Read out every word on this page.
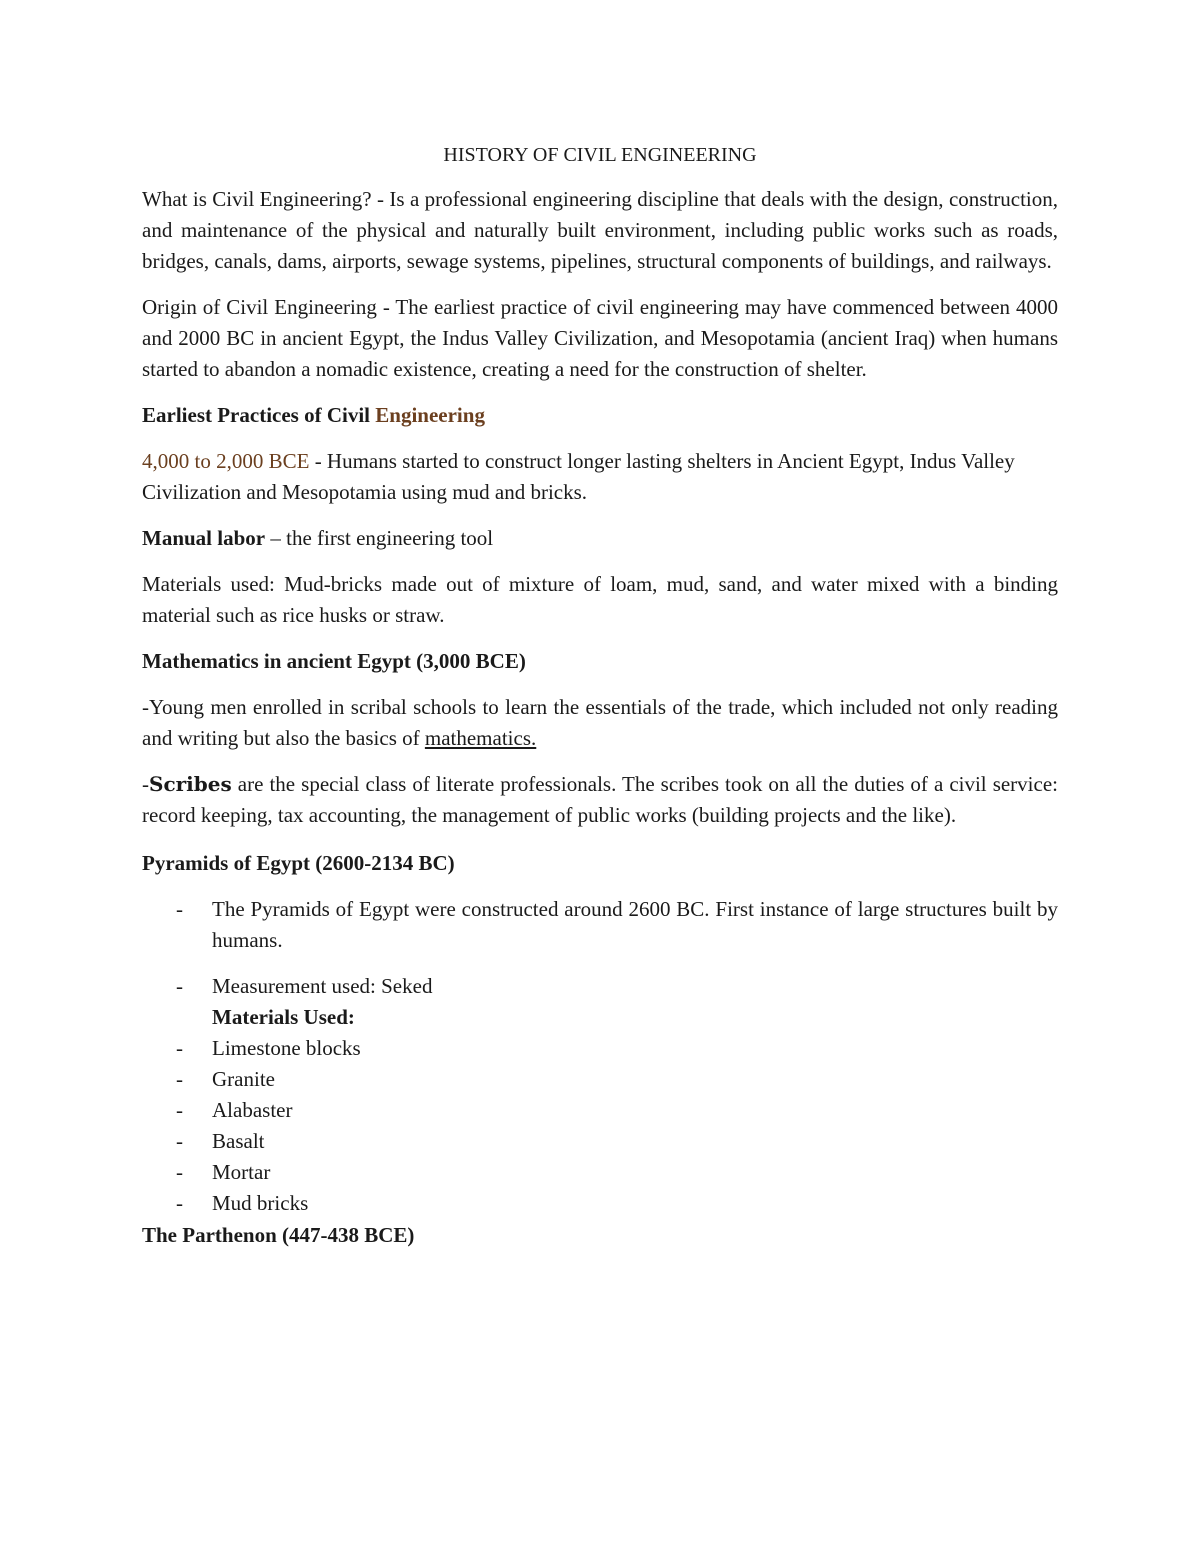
HISTORY OF CIVIL ENGINEERING

What is Civil Engineering? - Is a professional engineering discipline that deals with the design, construction, and maintenance of the physical and naturally built environment, including public works such as roads, bridges, canals, dams, airports, sewage systems, pipelines, structural components of buildings, and railways.

Origin of Civil Engineering - The earliest practice of civil engineering may have commenced between 4000 and 2000 BC in ancient Egypt, the Indus Valley Civilization, and Mesopotamia (ancient Iraq) when humans started to abandon a nomadic existence, creating a need for the construction of shelter.

Earliest Practices of Civil Engineering

4,000 to 2,000 BCE - Humans started to construct longer lasting shelters in Ancient Egypt, Indus Valley Civilization and Mesopotamia using mud and bricks.

Manual labor – the first engineering tool

Materials used: Mud-bricks made out of mixture of loam, mud, sand, and water mixed with a binding material such as rice husks or straw.

Mathematics in ancient Egypt (3,000 BCE)

-Young men enrolled in scribal schools to learn the essentials of the trade, which included not only reading and writing but also the basics of mathematics.

-Scribes are the special class of literate professionals. The scribes took on all the duties of a civil service: record keeping, tax accounting, the management of public works (building projects and the like).

Pyramids of Egypt (2600-2134 BC)
- The Pyramids of Egypt were constructed around 2600 BC. First instance of large structures built by humans.
- Measurement used: Seked
Materials Used:
- Limestone blocks
- Granite
- Alabaster
- Basalt
- Mortar
- Mud bricks
The Parthenon (447-438 BCE)
